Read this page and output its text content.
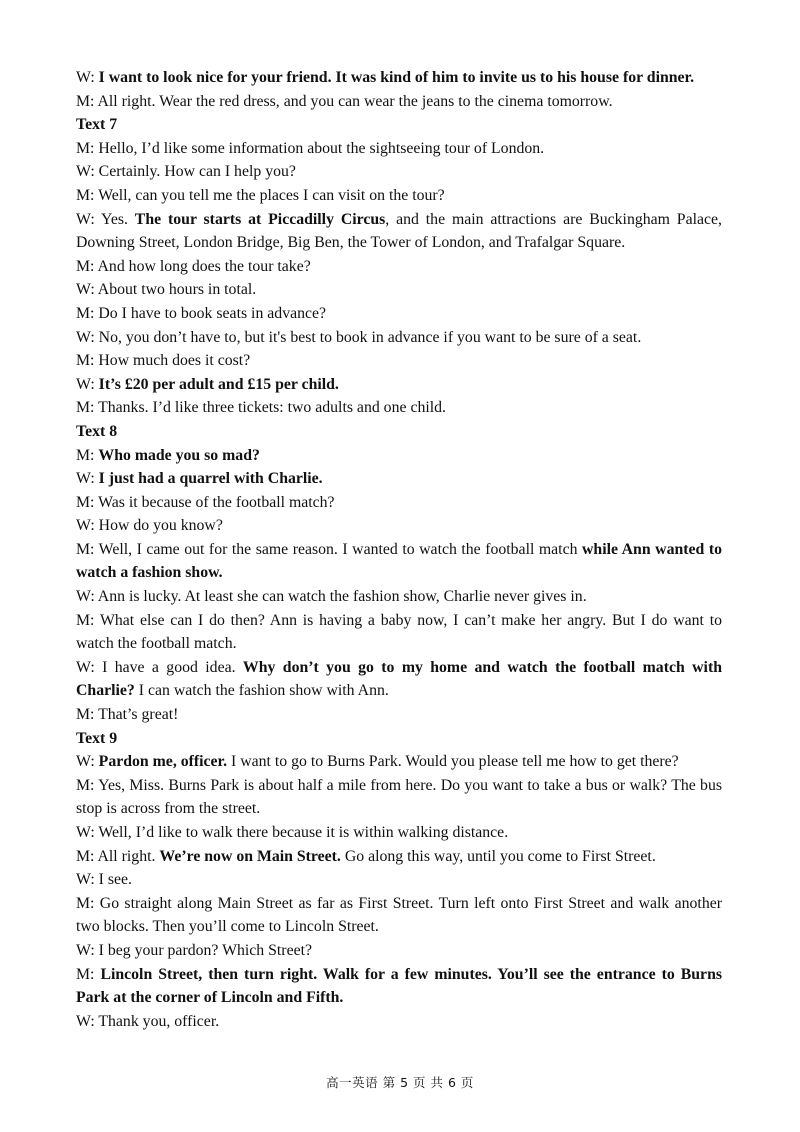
W: I want to look nice for your friend. It was kind of him to invite us to his house for dinner.

M: All right. Wear the red dress, and you can wear the jeans to the cinema tomorrow.

Text 7

M: Hello, I’d like some information about the sightseeing tour of London.

W: Certainly. How can I help you?

M: Well, can you tell me the places I can visit on the tour?

W: Yes. The tour starts at Piccadilly Circus, and the main attractions are Buckingham Palace, Downing Street, London Bridge, Big Ben, the Tower of London, and Trafalgar Square.

M: And how long does the tour take?

W: About two hours in total.

M: Do I have to book seats in advance?

W: No, you don’t have to, but it's best to book in advance if you want to be sure of a seat.

M: How much does it cost?

W: It’s £20 per adult and £15 per child.

M: Thanks. I’d like three tickets: two adults and one child.

Text 8

M: Who made you so mad?

W: I just had a quarrel with Charlie.

M: Was it because of the football match?

W: How do you know?

M: Well, I came out for the same reason. I wanted to watch the football match while Ann wanted to watch a fashion show.

W: Ann is lucky. At least she can watch the fashion show, Charlie never gives in.

M: What else can I do then? Ann is having a baby now, I can’t make her angry. But I do want to watch the football match.

W: I have a good idea. Why don’t you go to my home and watch the football match with Charlie? I can watch the fashion show with Ann.

M: That’s great!

Text 9

W: Pardon me, officer. I want to go to Burns Park. Would you please tell me how to get there?

M: Yes, Miss. Burns Park is about half a mile from here. Do you want to take a bus or walk? The bus stop is across from the street.

W: Well, I’d like to walk there because it is within walking distance.

M: All right. We’re now on Main Street. Go along this way, until you come to First Street.

W: I see.

M: Go straight along Main Street as far as First Street. Turn left onto First Street and walk another two blocks. Then you’ll come to Lincoln Street.

W: I beg your pardon? Which Street?

M: Lincoln Street, then turn right. Walk for a few minutes. You’ll see the entrance to Burns Park at the corner of Lincoln and Fifth.

W: Thank you, officer.

高一英语 第 5 页 共 6 页
